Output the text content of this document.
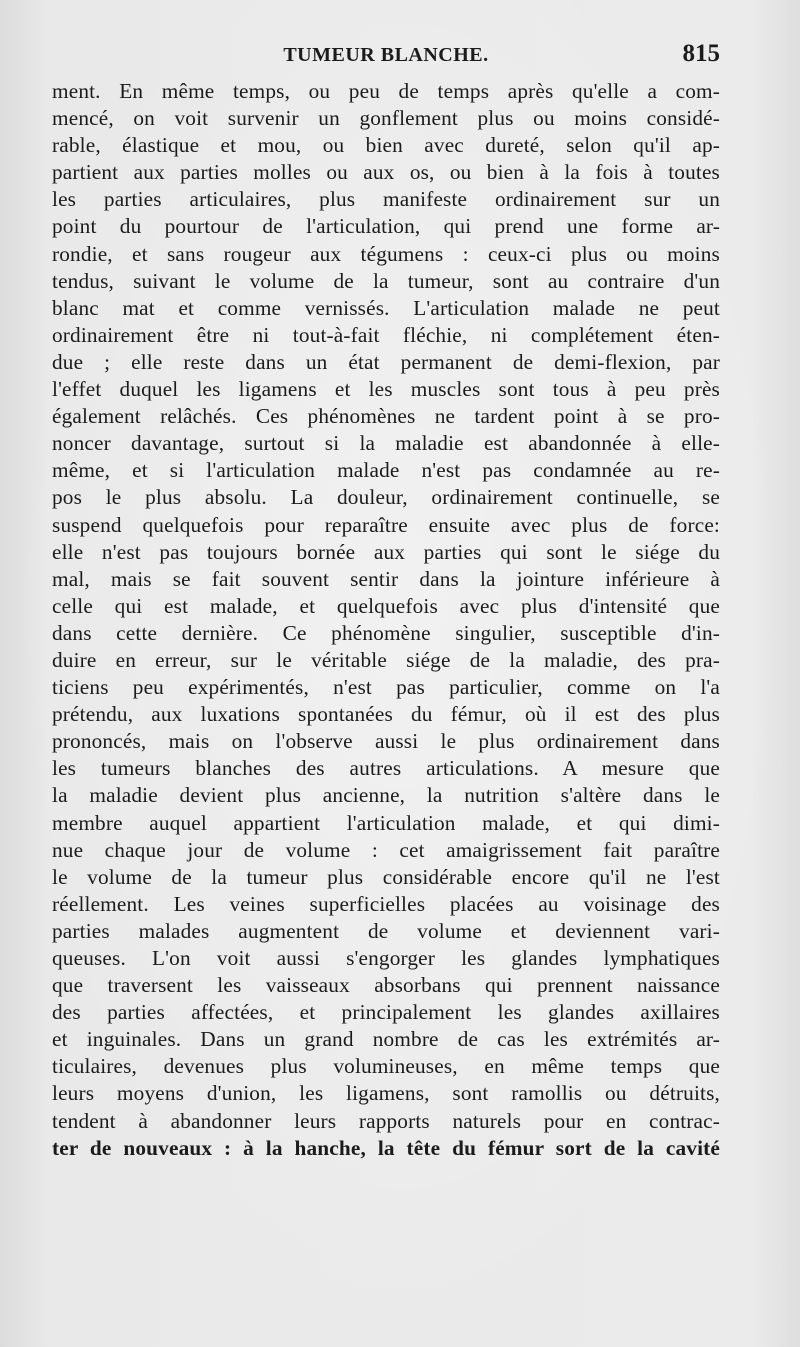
TUMEUR BLANCHE.	815
ment. En même temps, ou peu de temps après qu'elle a com-
mencé, on voit survenir un gonflement plus ou moins considé-
rable, élastique et mou, ou bien avec dureté, selon qu'il ap-
partient aux parties molles ou aux os, ou bien à la fois à toutes
les parties articulaires, plus manifeste ordinairement sur un
point du pourtour de l'articulation, qui prend une forme ar-
rondie, et sans rougeur aux tégumens : ceux-ci plus ou moins
tendus, suivant le volume de la tumeur, sont au contraire d'un
blanc mat et comme vernissés. L'articulation malade ne peut
ordinairement être ni tout-à-fait fléchie, ni complétement éten-
due ; elle reste dans un état permanent de demi-flexion, par
l'effet duquel les ligamens et les muscles sont tous à peu près
également relâchés. Ces phénomènes ne tardent point à se pro-
noncer davantage, surtout si la maladie est abandonnée à elle-
même, et si l'articulation malade n'est pas condamnée au re-
pos le plus absolu. La douleur, ordinairement continuelle, se
suspend quelquefois pour reparaître ensuite avec plus de force:
elle n'est pas toujours bornée aux parties qui sont le siége du
mal, mais se fait souvent sentir dans la jointure inférieure à
celle qui est malade, et quelquefois avec plus d'intensité que
dans cette dernière. Ce phénomène singulier, susceptible d'in-
duire en erreur, sur le véritable siége de la maladie, des pra-
ticiens peu expérimentés, n'est pas particulier, comme on l'a
prétendu, aux luxations spontanées du fémur, où il est des plus
prononcés, mais on l'observe aussi le plus ordinairement dans
les tumeurs blanches des autres articulations. A mesure que
la maladie devient plus ancienne, la nutrition s'altère dans le
membre auquel appartient l'articulation malade, et qui dimi-
nue chaque jour de volume : cet amaigrissement fait paraître
le volume de la tumeur plus considérable encore qu'il ne l'est
réellement. Les veines superficielles placées au voisinage des
parties malades augmentent de volume et deviennent vari-
queuses. L'on voit aussi s'engorger les glandes lymphatiques
que traversent les vaisseaux absorbans qui prennent naissance
des parties affectées, et principalement les glandes axillaires
et inguinales. Dans un grand nombre de cas les extrémités ar-
ticulaires, devenues plus volumineuses, en même temps que
leurs moyens d'union, les ligamens, sont ramollis ou détruits,
tendent à abandonner leurs rapports naturels pour en contrac-
ter de nouveaux : à la hanche, la tête du fémur sort de la cavité
